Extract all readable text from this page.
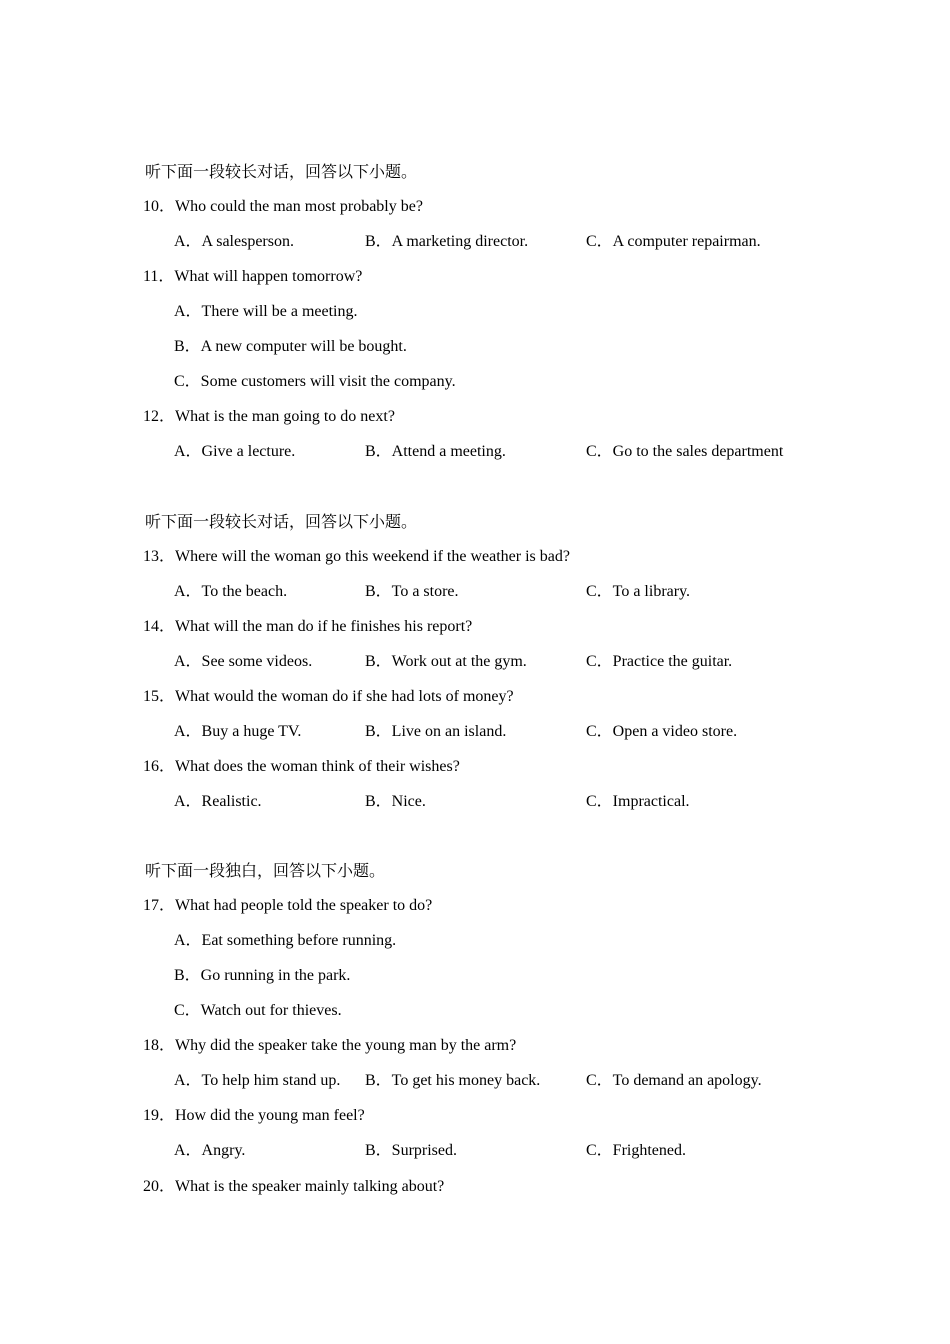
听下面一段较长对话，回答以下小题。
10．Who could the man most probably be?
A．A salesperson.	B．A marketing director.	C．A computer repairman.
11．What will happen tomorrow?
A．There will be a meeting.
B．A new computer will be bought.
C．Some customers will visit the company.
12．What is the man going to do next?
A．Give a lecture.	B．Attend a meeting.	C．Go to the sales department
听下面一段较长对话，回答以下小题。
13．Where will the woman go this weekend if the weather is bad?
A．To the beach.	B．To a store.	C．To a library.
14．What will the man do if he finishes his report?
A．See some videos.	B．Work out at the gym.	C．Practice the guitar.
15．What would the woman do if she had lots of money?
A．Buy a huge TV.	B．Live on an island.	C．Open a video store.
16．What does the woman think of their wishes?
A．Realistic.	B．Nice.	C．Impractical.
听下面一段独白，回答以下小题。
17．What had people told the speaker to do?
A．Eat something before running.
B．Go running in the park.
C．Watch out for thieves.
18．Why did the speaker take the young man by the arm?
A．To help him stand up. B．To get his money back.	C．To demand an apology.
19．How did the young man feel?
A．Angry.	B．Surprised.	C．Frightened.
20．What is the speaker mainly talking about?
